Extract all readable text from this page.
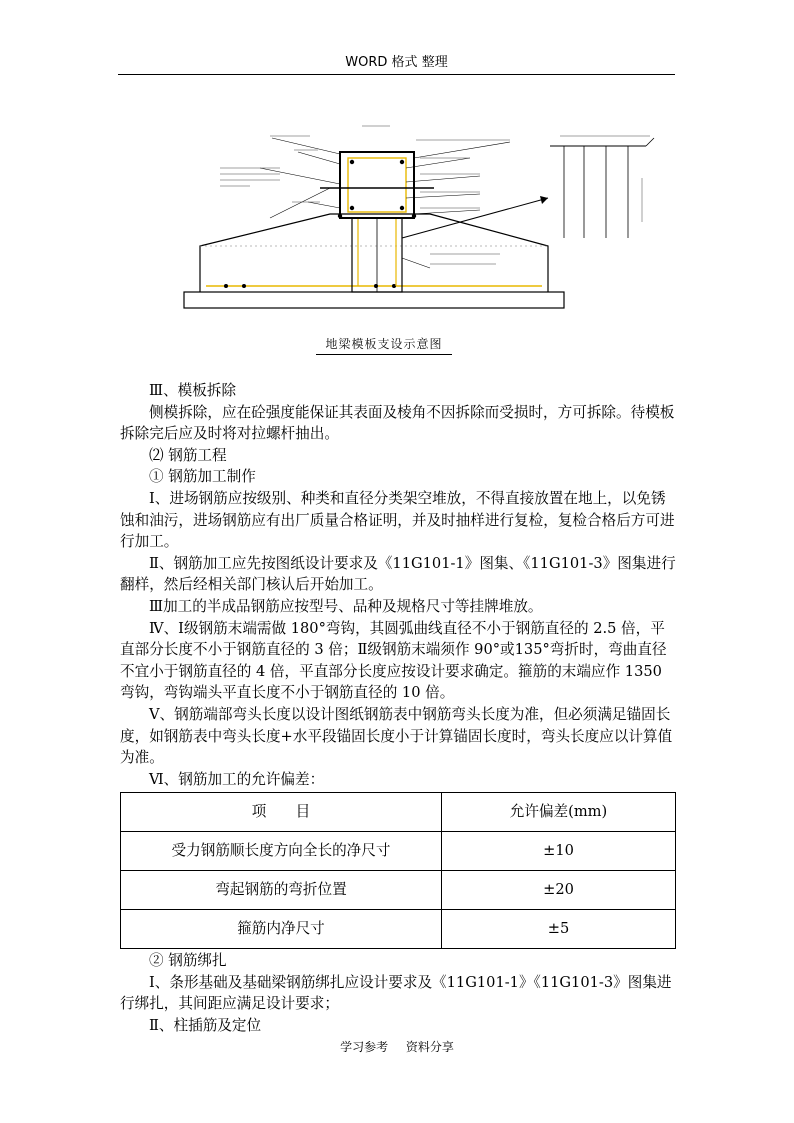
WORD 格式 整理
地梁模板支设示意图

Ⅲ、模板拆除

侧模拆除，应在砼强度能保证其表面及棱角不因拆除而受损时，方可拆除。待模板拆除完后应及时将对拉螺杆抽出。

⑵ 钢筋工程

① 钢筋加工制作

Ⅰ、进场钢筋应按级别、种类和直径分类架空堆放，不得直接放置在地上，以免锈蚀和油污，进场钢筋应有出厂质量合格证明，并及时抽样进行复检，复检合格后方可进行加工。

Ⅱ、钢筋加工应先按图纸设计要求及《11G101-1》图集、《11G101-3》图集进行翻样，然后经相关部门核认后开始加工。

Ⅲ加工的半成品钢筋应按型号、品种及规格尺寸等挂牌堆放。

Ⅳ、Ⅰ级钢筋末端需做 180°弯钩，其圆弧曲线直径不小于钢筋直径的 2.5 倍，平直部分长度不小于钢筋直径的 3 倍；Ⅱ级钢筋末端须作 90°或135°弯折时，弯曲直径不宜小于钢筋直径的 4 倍，平直部分长度应按设计要求确定。箍筋的末端应作 1350 弯钩，弯钩端头平直长度不小于钢筋直径的 10 倍。

Ⅴ、钢筋端部弯头长度以设计图纸钢筋表中钢筋弯头长度为准，但必须满足锚固长度，如钢筋表中弯头长度+水平段锚固长度小于计算锚固长度时，弯头长度应以计算值为准。

Ⅵ、钢筋加工的允许偏差：

项　　目	允许偏差(mm)
受力钢筋顺长度方向全长的净尺寸	±10
弯起钢筋的弯折位置	±20
箍筋内净尺寸	±5

② 钢筋绑扎

Ⅰ、条形基础及基础梁钢筋绑扎应设计要求及《11G101-1》《11G101-3》图集进行绑扎，其间距应满足设计要求；

Ⅱ、柱插筋及定位

学习参考 资料分享
